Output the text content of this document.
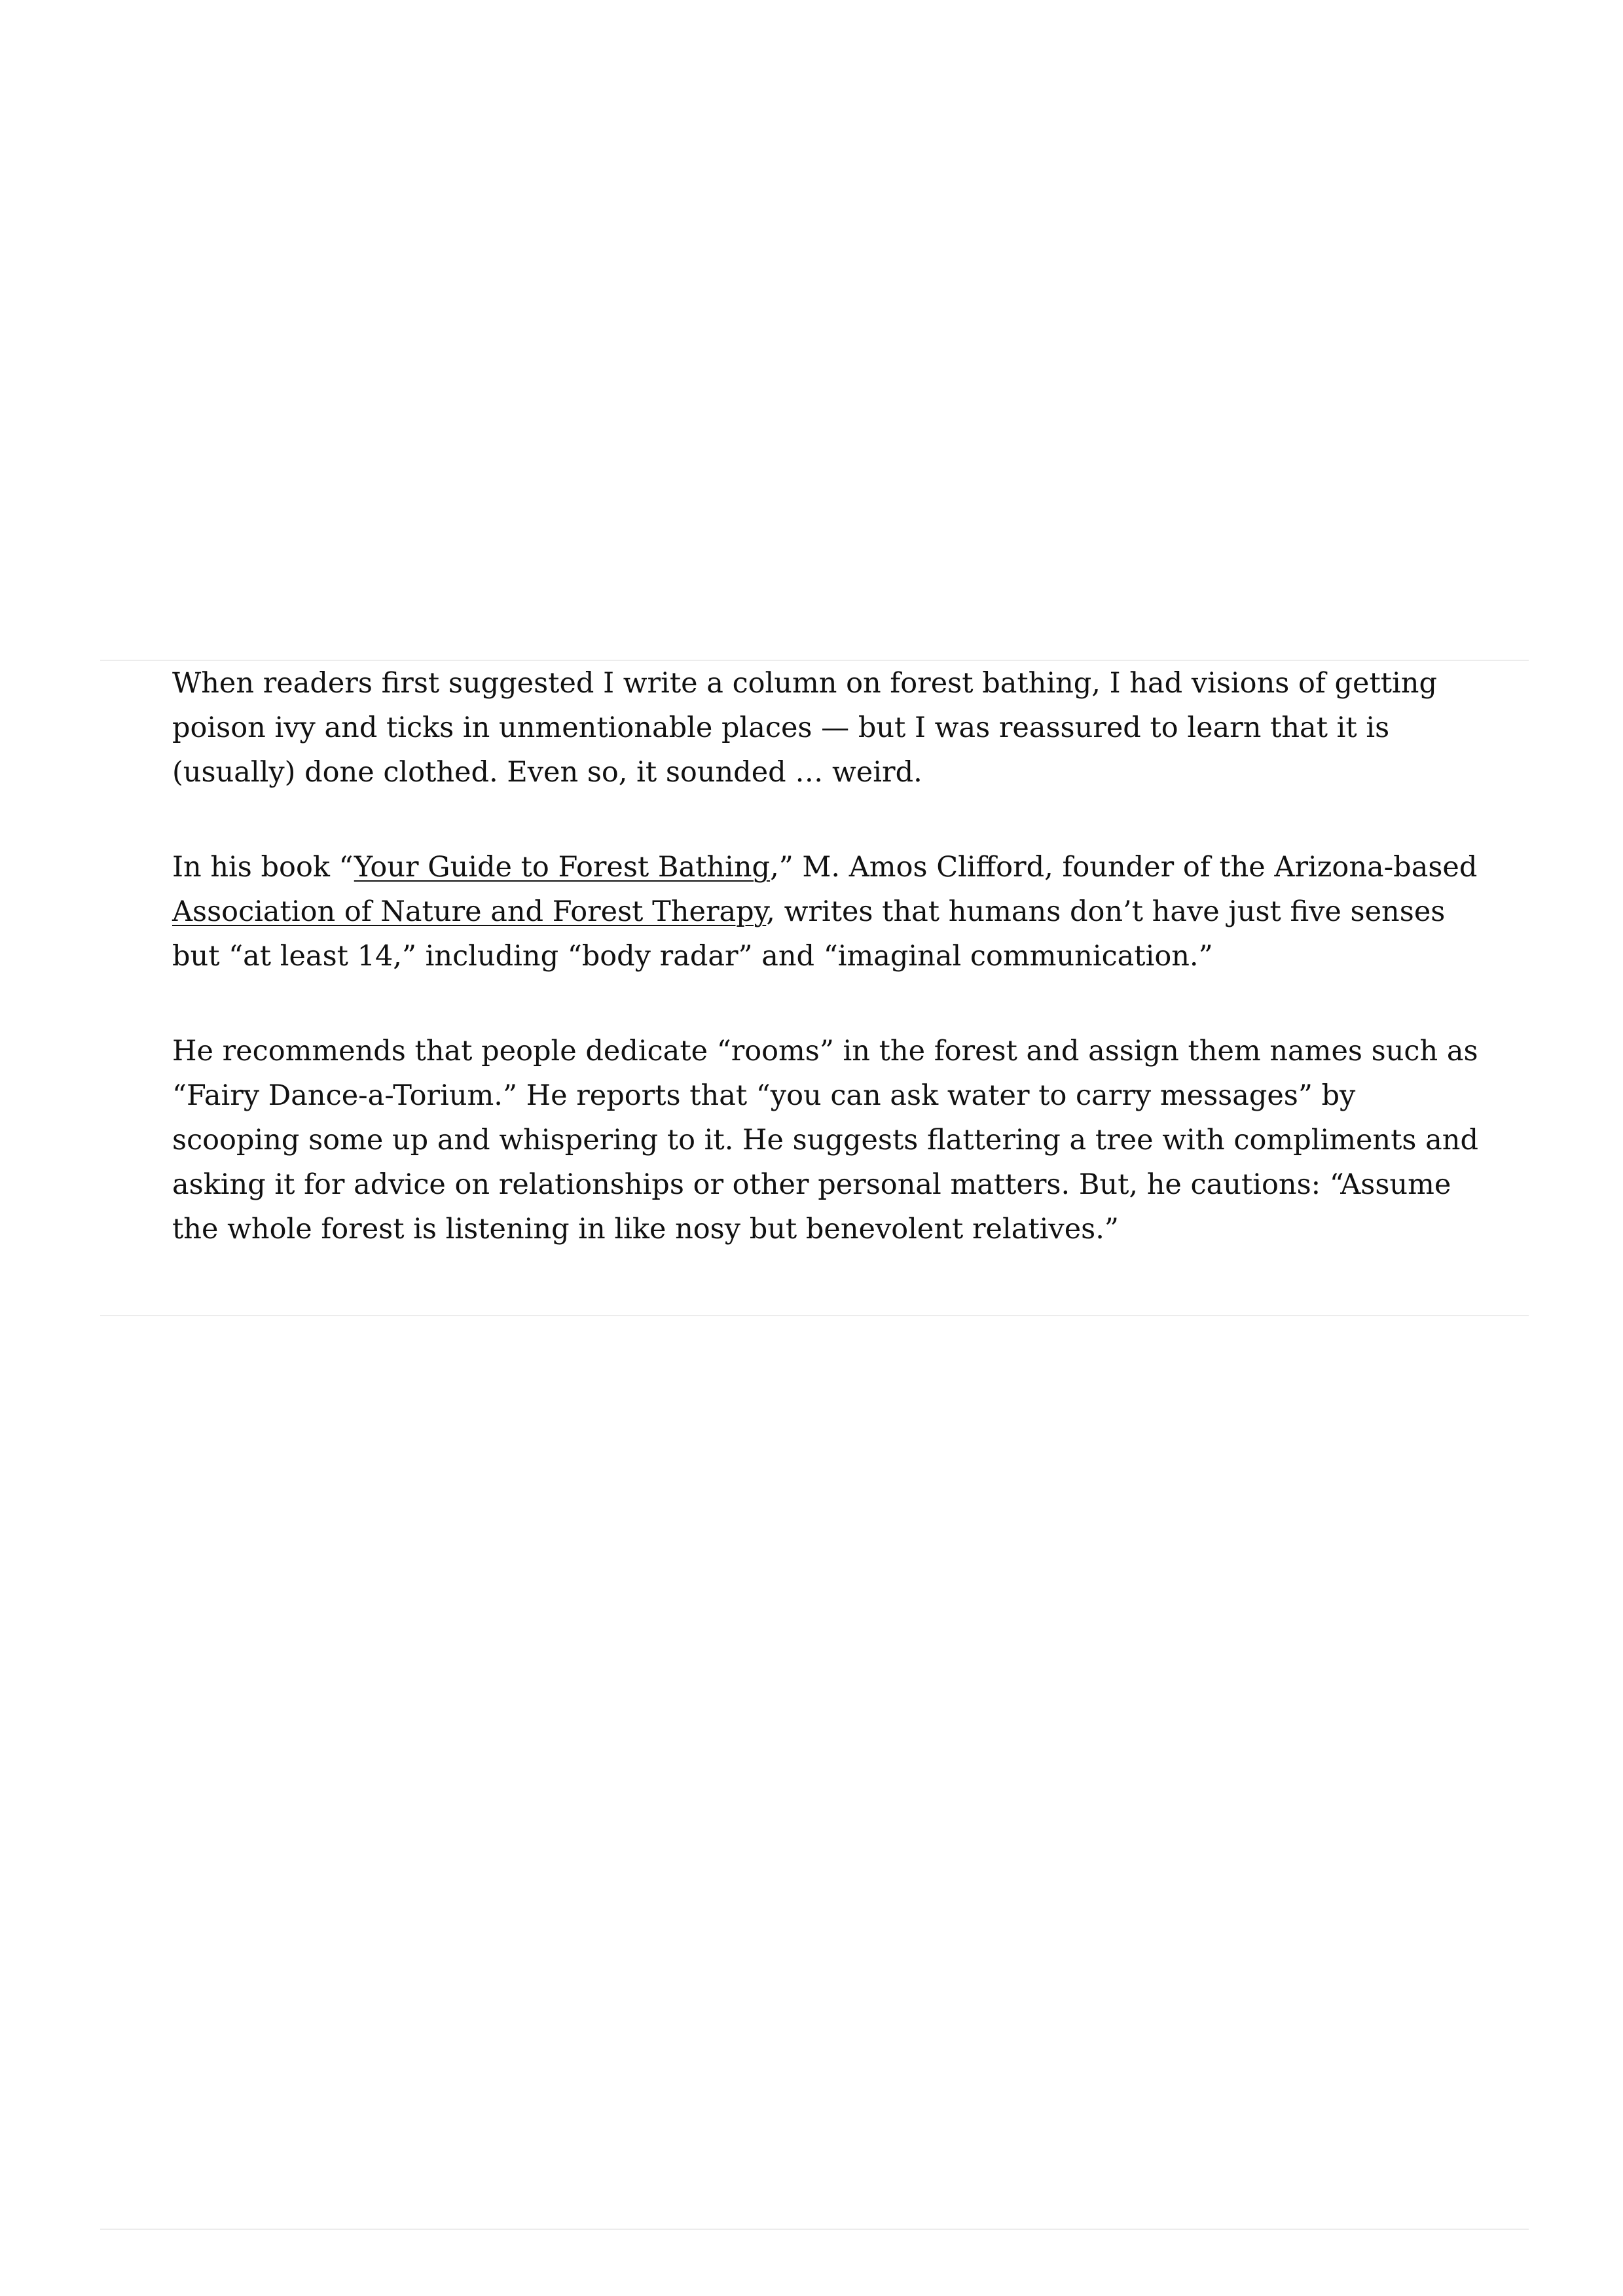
When readers first suggested I write a column on forest bathing, I had visions of getting poison ivy and ticks in unmentionable places — but I was reassured to learn that it is (usually) done clothed. Even so, it sounded … weird.

In his book “Your Guide to Forest Bathing,” M. Amos Clifford, founder of the Arizona-based Association of Nature and Forest Therapy, writes that humans don’t have just five senses but “at least 14,” including “body radar” and “imaginal communication.”

He recommends that people dedicate “rooms” in the forest and assign them names such as “Fairy Dance-a-Torium.” He reports that “you can ask water to carry messages” by scooping some up and whispering to it. He suggests flattering a tree with compliments and asking it for advice on relationships or other personal matters. But, he cautions: “Assume the whole forest is listening in like nosy but benevolent relatives.”
